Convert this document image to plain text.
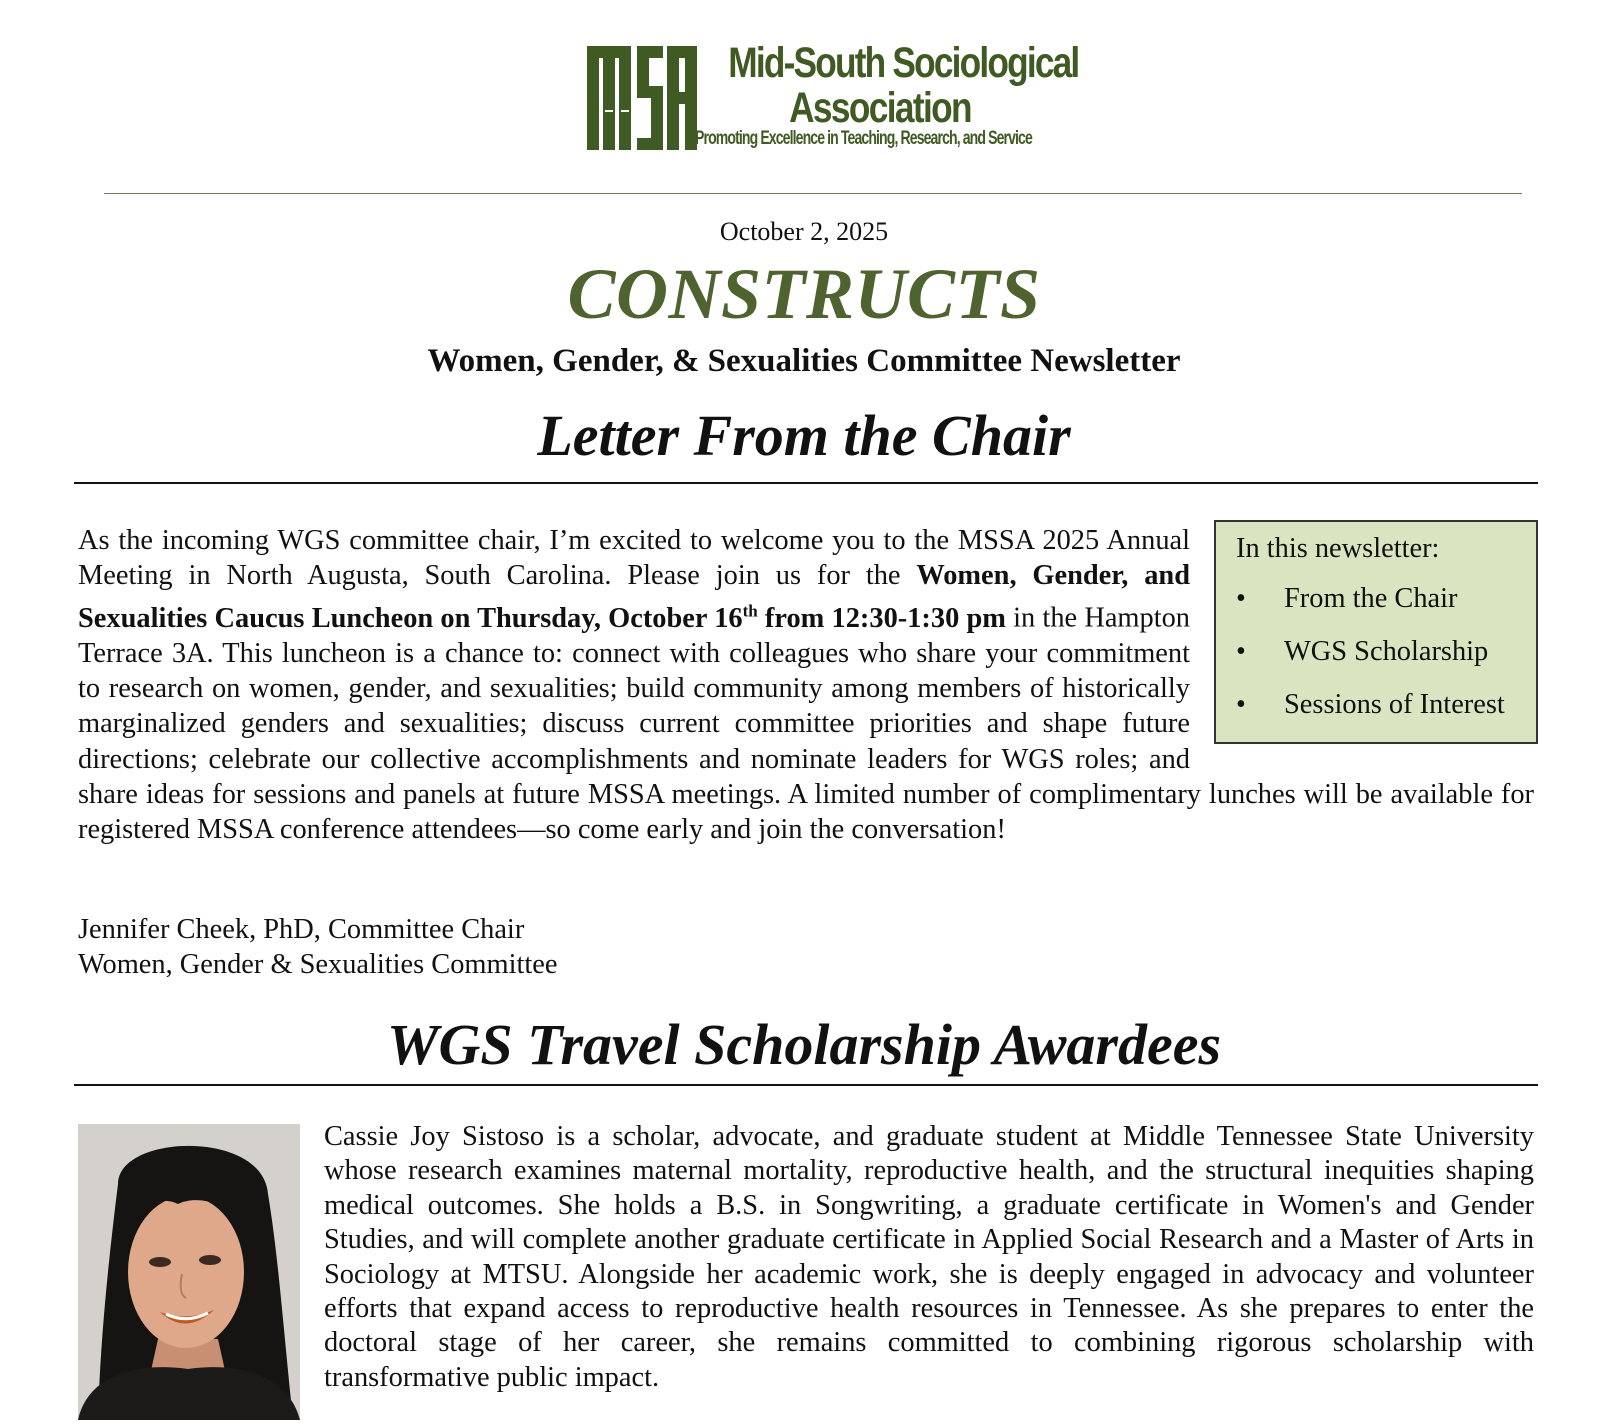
Mid-South Sociological
Association
Promoting Excellence in Teaching, Research, and Service
October 2, 2025
CONSTRUCTS
Women, Gender, & Sexualities Committee Newsletter
Letter From the Chair

In this newsletter:
• From the Chair
• WGS Scholarship
• Sessions of Interest
As the incoming WGS committee chair, I’m excited to welcome you to the MSSA 2025 Annual Meeting in North Augusta, South Carolina. Please join us for the Women, Gender, and Sexualities Caucus Luncheon on Thursday, October 16th from 12:30-1:30 pm in the Hampton Terrace 3A. This luncheon is a chance to: connect with colleagues who share your commitment to research on women, gender, and sexualities; build community among members of historically marginalized genders and sexualities; discuss current committee priorities and shape future directions; celebrate our collective accomplishments and nominate leaders for WGS roles; and share ideas for sessions and panels at future MSSA meetings. A limited number of complimentary lunches will be available for registered MSSA conference attendees—so come early and join the conversation!

Jennifer Cheek, PhD, Committee Chair
Women, Gender & Sexualities Committee
WGS Travel Scholarship Awardees

Cassie Joy Sistoso is a scholar, advocate, and graduate student at Middle Tennessee State University whose research examines maternal mortality, reproductive health, and the structural inequities shaping medical outcomes. She holds a B.S. in Songwriting, a graduate certificate in Women's and Gender Studies, and will complete another graduate certificate in Applied Social Research and a Master of Arts in Sociology at MTSU. Alongside her academic work, she is deeply engaged in advocacy and volunteer efforts that expand access to reproductive health resources in Tennessee. As she prepares to enter the doctoral stage of her career, she remains committed to combining rigorous scholarship with transformative public impact.
